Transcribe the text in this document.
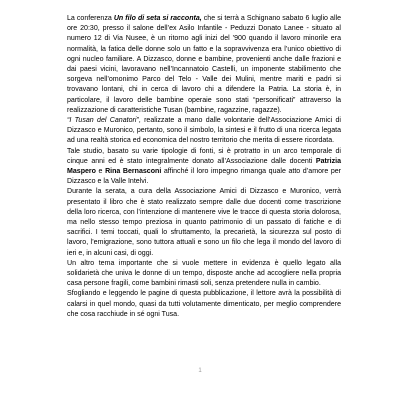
La conferenza Un filo di seta si racconta, che si terrà a Schignano sabato 6 luglio alle ore 20:30, presso il salone dell’ex Asilo Infantile - Peduzzi Donato Lanee - situato al numero 12 di Via Nusee, è un ritorno agli inizi del ’900 quando il lavoro minorile era normalità, la fatica delle donne solo un fatto e la sopravvivenza era l’unico obiettivo di ogni nucleo familiare. A Dizzasco, donne e bambine, provenienti anche dalle frazioni e dai paesi vicini, lavoravano nell’Incannatoio Castelli, un imponente stabilimento che sorgeva nell’omonimo Parco del Telo - Valle dei Mulini, mentre mariti e padri si trovavano lontani, chi in cerca di lavoro chi a difendere la Patria. La storia è, in particolare, il lavoro delle bambine operaie sono stati “personificati” attraverso la realizzazione di caratteristiche Tusan (bambine, ragazzine, ragazze).

“I Tusan del Canatori”, realizzate a mano dalle volontarie dell’Associazione Amici di Dizzasco e Muronico, pertanto, sono il simbolo, la sintesi e il frutto di una ricerca legata ad una realtà storica ed economica del nostro territorio che merita di essere ricordata.

Tale studio, basato su varie tipologie di fonti, si è protratto in un arco temporale di cinque anni ed è stato integralmente donato all’Associazione dalle docenti Patrizia Maspero e Rina Bernasconi affinché il loro impegno rimanga quale atto d’amore per Dizzasco e la Valle Intelvi.

Durante la serata, a cura della Associazione Amici di Dizzasco e Muronico, verrà presentato il libro che è stato realizzato sempre dalle due docenti come trascrizione della loro ricerca, con l’intenzione di mantenere vive le tracce di questa storia dolorosa, ma nello stesso tempo preziosa in quanto patrimonio di un passato di fatiche e di sacrifici. I temi toccati, quali lo sfruttamento, la precarietà, la sicurezza sul posto di lavoro, l’emigrazione, sono tuttora attuali e sono un filo che lega il mondo del lavoro di ieri e, in alcuni casi, di oggi.

Un altro tema importante che si vuole mettere in evidenza è quello legato alla solidarietà che univa le donne di un tempo, disposte anche ad accogliere nella propria casa persone fragili, come bambini rimasti soli, senza pretendere nulla in cambio.

Sfogliando e leggendo le pagine di questa pubblicazione, il lettore avrà la possibilità di calarsi in quel mondo, quasi da tutti volutamente dimenticato, per meglio comprendere che cosa racchiude in sé ogni Tusa.

1
